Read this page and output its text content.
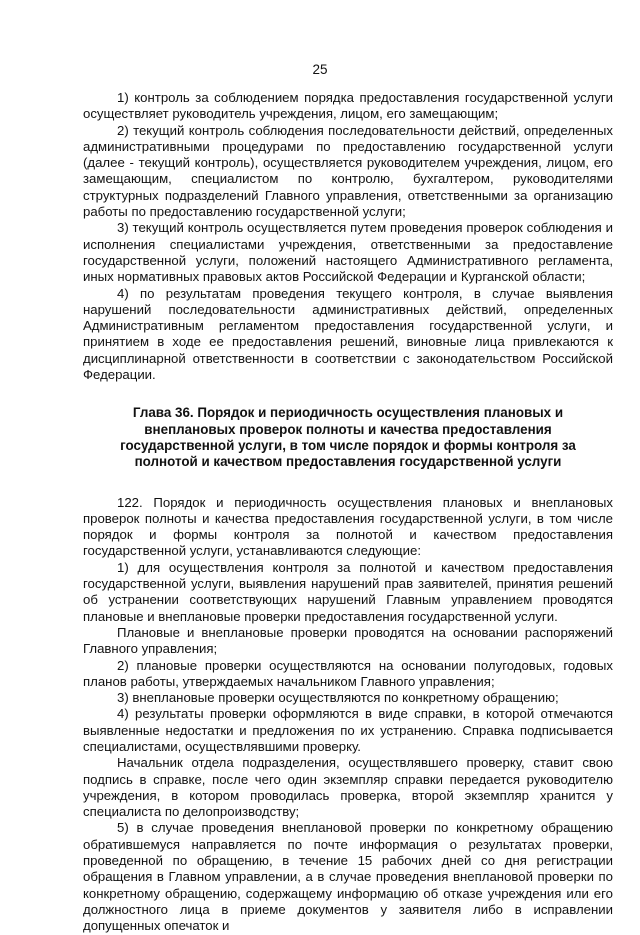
25

1) контроль за соблюдением порядка предоставления государственной услуги осуществляет руководитель учреждения, лицом, его замещающим;

2) текущий контроль соблюдения последовательности действий, определенных административными процедурами по предоставлению государственной услуги (далее - текущий контроль), осуществляется руководителем учреждения, лицом, его замещающим, специалистом по контролю, бухгалтером, руководителями структурных подразделений Главного управления, ответственными за организацию работы по предоставлению государственной услуги;

3) текущий контроль осуществляется путем проведения проверок соблюдения и исполнения специалистами учреждения, ответственными за предоставление государственной услуги, положений настоящего Административного регламента, иных нормативных правовых актов Российской Федерации и Курганской области;

4) по результатам проведения текущего контроля, в случае выявления нарушений последовательности административных действий, определенных Административным регламентом предоставления государственной услуги, и принятием в ходе ее предоставления решений, виновные лица привлекаются к дисциплинарной ответственности в соответствии с законодательством Российской Федерации.

Глава 36. Порядок и периодичность осуществления плановых и внеплановых проверок полноты и качества предоставления государственной услуги, в том числе порядок и формы контроля за полнотой и качеством предоставления государственной услуги

122. Порядок и периодичность осуществления плановых и внеплановых проверок полноты и качества предоставления государственной услуги, в том числе порядок и формы контроля за полнотой и качеством предоставления государственной услуги, устанавливаются следующие:

1) для осуществления контроля за полнотой и качеством предоставления государственной услуги, выявления нарушений прав заявителей, принятия решений об устранении соответствующих нарушений Главным управлением проводятся плановые и внеплановые проверки предоставления государственной услуги.

Плановые и внеплановые проверки проводятся на основании распоряжений Главного управления;

2) плановые проверки осуществляются на основании полугодовых, годовых планов работы, утверждаемых начальником Главного управления;

3) внеплановые проверки осуществляются по конкретному обращению;

4) результаты проверки оформляются в виде справки, в которой отмечаются выявленные недостатки и предложения по их устранению. Справка подписывается специалистами, осуществлявшими проверку.

Начальник отдела подразделения, осуществлявшего проверку, ставит свою подпись в справке, после чего один экземпляр справки передается руководителю учреждения, в котором проводилась проверка, второй экземпляр хранится у специалиста по делопроизводству;

5) в случае проведения внеплановой проверки по конкретному обращению обратившемуся направляется по почте информация о результатах проверки, проведенной по обращению, в течение 15 рабочих дней со дня регистрации обращения в Главном управлении, а в случае проведения внеплановой проверки по конкретному обращению, содержащему информацию об отказе учреждения или его должностного лица в приеме документов у заявителя либо в исправлении допущенных опечаток и
